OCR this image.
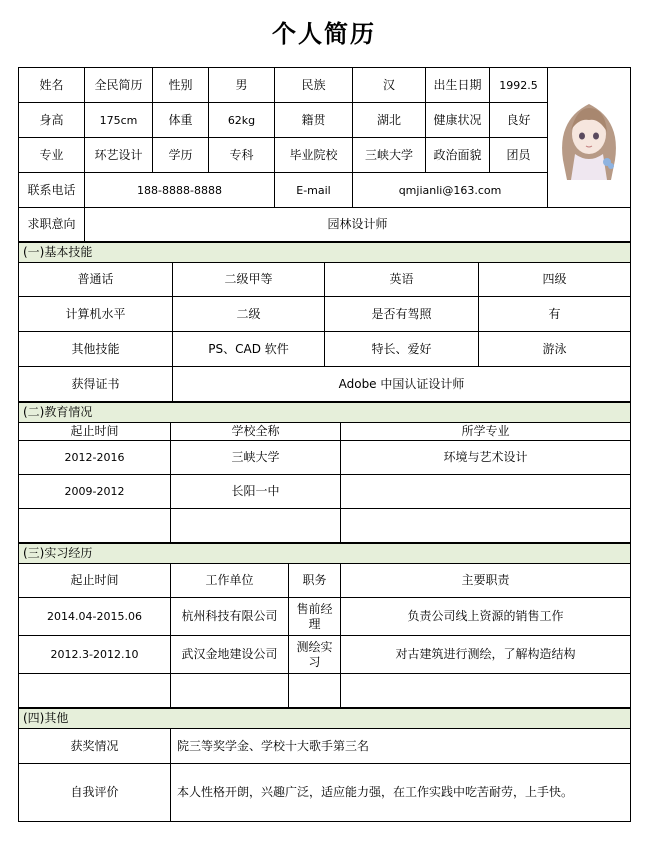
个人简历
姓名	全民简历	性别	男	民族	汉	出生日期	1992.5	

身高	175cm	体重	62kg	籍贯	湖北	健康状况	良好	
专业	环艺设计	学历	专科	毕业院校	三峡大学	政治面貌	团员	
联系电话	188-8888-8888			E-mail	qmjianli@163.com			
求职意向	园林设计师							
(一)基本技能			
普通话	二级甲等	英语	四级
计算机水平	二级	是否有驾照	有
其他技能	PS、CAD 软件	特长、爱好	游泳
获得证书	Adobe 中国认证设计师		
(二)教育情况		
起止时间	学校全称	所学专业
2012-2016	三峡大学	环境与艺术设计
2009-2012	长阳一中	

(三)实习经历			
起止时间	工作单位	职务	主要职责
2014.04-2015.06	杭州科技有限公司	售前经理	负责公司线上资源的销售工作
2012.3-2012.10	武汉金地建设公司	测绘实习	对古建筑进行测绘，了解构造结构

(四)其他	
获奖情况	院三等奖学金、学校十大歌手第三名
自我评价	本人性格开朗，兴趣广泛，适应能力强，在工作实践中吃苦耐劳，上手快。
